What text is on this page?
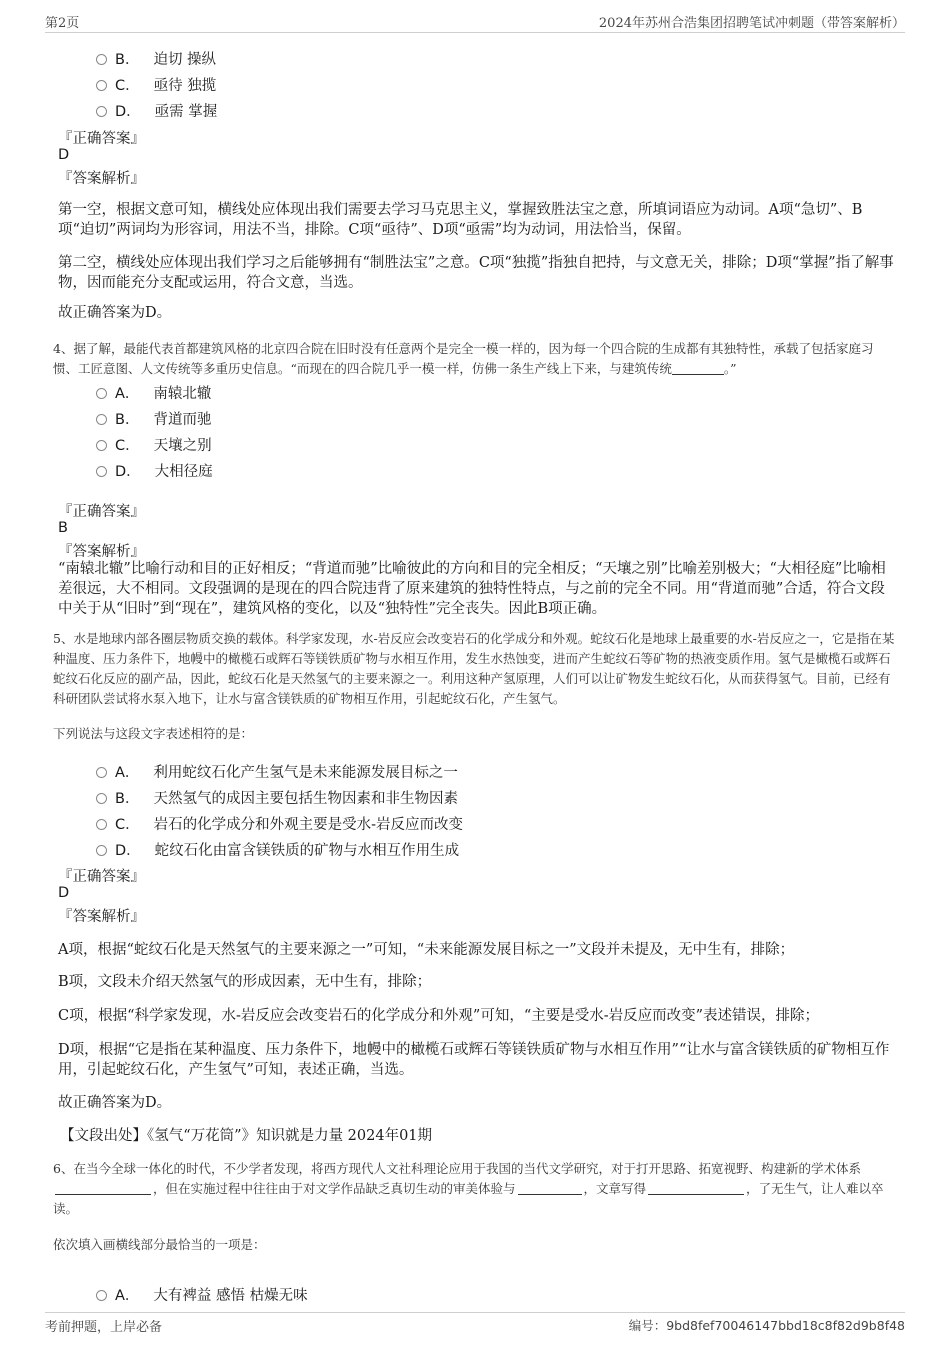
第2页	2024年苏州合浩集团招聘笔试冲刺题（带答案解析）
B． 迫切 操纵
C． 亟待 独揽
D． 亟需 掌握
『正确答案』
D
『答案解析』
第一空，根据文意可知，横线处应体现出我们需要去学习马克思主义，掌握致胜法宝之意，所填词语应为动词。A项“急切”、B项“迫切”两词均为形容词，用法不当，排除。C项“亟待”、D项“亟需”均为动词，用法恰当，保留。
第二空，横线处应体现出我们学习之后能够拥有“制胜法宝”之意。C项“独揽”指独自把持，与文意无关，排除；D项“掌握”指了解事物，因而能充分支配或运用，符合文意，当选。
故正确答案为D。
4、据了解，最能代表首都建筑风格的北京四合院在旧时没有任意两个是完全一模一样的，因为每一个四合院的生成都有其独特性，承载了包括家庭习惯、工匠意图、人文传统等多重历史信息。“而现在的四合院几乎一模一样，仿佛一条生产线上下来，与建筑传统	。”
A． 南辕北辙
B． 背道而驰
C． 天壤之别
D． 大相径庭
『正确答案』
B
『答案解析』
“南辕北辙”比喻行动和目的正好相反；“背道而驰”比喻彼此的方向和目的完全相反；“天壤之别”比喻差别极大；“大相径庭”比喻相差很远，大不相同。文段强调的是现在的四合院违背了原来建筑的独特性特点，与之前的完全不同。用“背道而驰”合适，符合文段中关于从“旧时”到“现在”，建筑风格的变化，以及“独特性”完全丧失。因此B项正确。
5、水是地球内部各圈层物质交换的载体。科学家发现，水-岩反应会改变岩石的化学成分和外观。蛇纹石化是地球上最重要的水-岩反应之一，它是指在某种温度、压力条件下，地幔中的橄榄石或辉石等镁铁质矿物与水相互作用，发生水热蚀变，进而产生蛇纹石等矿物的热液变质作用。氢气是橄榄石或辉石蛇纹石化反应的副产品，因此，蛇纹石化是天然氢气的主要来源之一。利用这种产氢原理，人们可以让矿物发生蛇纹石化，从而获得氢气。目前，已经有科研团队尝试将水泵入地下，让水与富含镁铁质的矿物相互作用，引起蛇纹石化，产生氢气。
下列说法与这段文字表述相符的是：
A． 利用蛇纹石化产生氢气是未来能源发展目标之一
B． 天然氢气的成因主要包括生物因素和非生物因素
C． 岩石的化学成分和外观主要是受水-岩反应而改变
D． 蛇纹石化由富含镁铁质的矿物与水相互作用生成
『正确答案』
D
『答案解析』
A项，根据“蛇纹石化是天然氢气的主要来源之一”可知，“未来能源发展目标之一”文段并未提及，无中生有，排除；
B项，文段未介绍天然氢气的形成因素，无中生有，排除；
C项，根据“科学家发现，水-岩反应会改变岩石的化学成分和外观”可知，“主要是受水-岩反应而改变”表述错误，排除；
D项，根据“它是指在某种温度、压力条件下，地幔中的橄榄石或辉石等镁铁质矿物与水相互作用”“让水与富含镁铁质的矿物相互作用，引起蛇纹石化，产生氢气”可知，表述正确，当选。
故正确答案为D。
【文段出处】《氢气“万花筒”》知识就是力量 2024年01期
6、在当今全球一体化的时代，不少学者发现，将西方现代人文社科理论应用于我国的当代文学研究，对于打开思路、拓宽视野、构建新的学术体系，但在实施过程中往往由于对文学作品缺乏真切生动的审美体验与	，文章写得	，了无生气，让人难以卒读。
依次填入画横线部分最恰当的一项是：
A． 大有裨益 感悟 枯燥无味
考前押题，上岸必备	编号：9bd8fef70046147bbd18c8f82d9b8f48
